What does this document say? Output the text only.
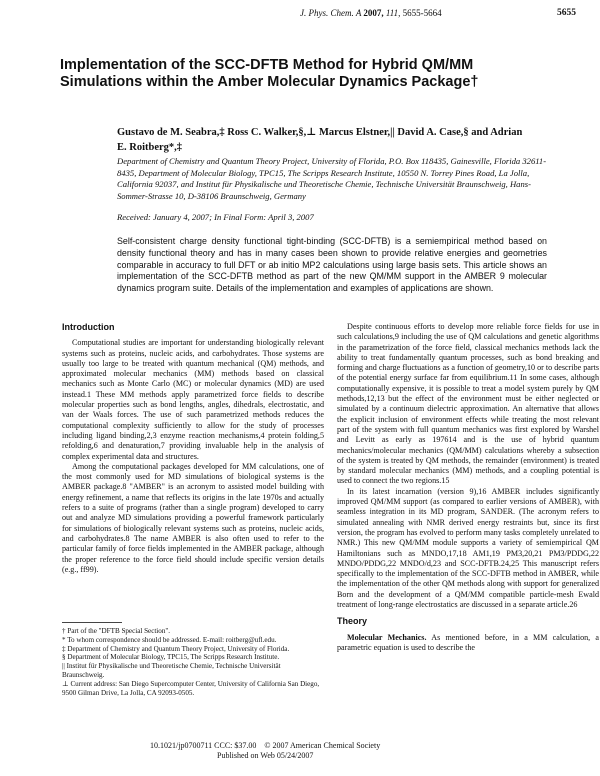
J. Phys. Chem. A 2007, 111, 5655-5664	5655
Implementation of the SCC-DFTB Method for Hybrid QM/MM Simulations within the Amber Molecular Dynamics Package†
Gustavo de M. Seabra,‡ Ross C. Walker,§,⊥ Marcus Elstner,|| David A. Case,§ and Adrian E. Roitberg*,‡
Department of Chemistry and Quantum Theory Project, University of Florida, P.O. Box 118435, Gainesville, Florida 32611-8435, Department of Molecular Biology, TPC15, The Scripps Research Institute, 10550 N. Torrey Pines Road, La Jolla, California 92037, and Institut für Physikalische und Theoretische Chemie, Technische Universität Braunschweig, Hans-Sommer-Strasse 10, D-38106 Braunschweig, Germany
Received: January 4, 2007; In Final Form: April 3, 2007
Self-consistent charge density functional tight-binding (SCC-DFTB) is a semiempirical method based on density functional theory and has in many cases been shown to provide relative energies and geometries comparable in accuracy to full DFT or ab initio MP2 calculations using large basis sets. This article shows an implementation of the SCC-DFTB method as part of the new QM/MM support in the AMBER 9 molecular dynamics program suite. Details of the implementation and examples of applications are shown.
Introduction

Computational studies are important for understanding biologically relevant systems such as proteins, nucleic acids, and carbohydrates. Those systems are usually too large to be treated with quantum mechanical (QM) methods, and approximated molecular mechanics (MM) methods based on classical mechanics such as Monte Carlo (MC) or molecular dynamics (MD) are used instead.1 These MM methods apply parametrized force fields to describe molecular properties such as bond lengths, angles, dihedrals, electrostatic, and van der Waals forces. The use of such parametrized methods reduces the computational complexity sufficiently to allow for the study of processes including ligand binding,2,3 enzyme reaction mechanisms,4 protein folding,5 refolding,6 and denaturation,7 providing invaluable help in the analysis of complex experimental data and structures.

Among the computational packages developed for MM calculations, one of the most commonly used for MD simulations of biological systems is the AMBER package.8 "AMBER" is an acronym to assisted model building with energy refinement, a name that reflects its origins in the late 1970s and actually refers to a suite of programs (rather than a single program) developed to carry out and analyze MD simulations providing a powerful framework particularly for simulations of biologically relevant systems such as proteins, nucleic acids, and carbohydrates.8 The name AMBER is also often used to refer to the particular family of force fields implemented in the AMBER package, although the proper reference to the force field should include specific version details (e.g., ff99).

† Part of the "DFTB Special Section".
* To whom correspondence should be addressed. E-mail: roitberg@ufl.edu.
‡ Department of Chemistry and Quantum Theory Project, University of Florida.
§ Department of Molecular Biology, TPC15, The Scripps Research Institute.
|| Institut für Physikalische und Theoretische Chemie, Technische Universität Braunschweig.
⊥ Current address: San Diego Supercomputer Center, University of California San Diego, 9500 Gilman Drive, La Jolla, CA 92093-0505.

Despite continuous efforts to develop more reliable force fields for use in such calculations,9 including the use of QM calculations and genetic algorithms in the parametrization of the force field, classical mechanics methods lack the ability to treat fundamentally quantum processes, such as bond breaking and forming and charge fluctuations as a function of geometry,10 or to describe parts of the potential energy surface far from equilibrium.11 In some cases, although computationally expensive, it is possible to treat a model system purely by QM methods,12,13 but the effect of the environment must be either neglected or simulated by a continuum dielectric approximation. An alternative that allows the explicit inclusion of environment effects while treating the most relevant part of the system with full quantum mechanics was first explored by Warshel and Levitt as early as 197614 and is the use of hybrid quantum mechanics/molecular mechanics (QM/MM) calculations whereby a subsection of the system is treated by QM methods, the remainder (environment) is treated by standard molecular mechanics (MM) methods, and a coupling potential is used to connect the two regions.15

In its latest incarnation (version 9),16 AMBER includes significantly improved QM/MM support (as compared to earlier versions of AMBER), with seamless integration in its MD program, SANDER. (The acronym refers to simulated annealing with NMR derived energy restraints but, since its first version, the program has evolved to perform many tasks completely unrelated to NMR.) This new QM/MM module supports a variety of semiempirical QM Hamiltonians such as MNDO,17,18 AM1,19 PM3,20,21 PM3/PDDG,22 MNDO/PDDG,22 MNDO/d,23 and SCC-DFTB.24,25 This manuscript refers specifically to the implementation of the SCC-DFTB method in AMBER, while the implementation of the other QM methods along with support for generalized Born and the development of a QM/MM compatible particle-mesh Ewald treatment of long-range electrostatics are discussed in a separate article.26

Theory

Molecular Mechanics. As mentioned before, in a MM calculation, a parametric equation is used to describe the

10.1021/jp0700711 CCC: $37.00    © 2007 American Chemical Society
Published on Web 05/24/2007
